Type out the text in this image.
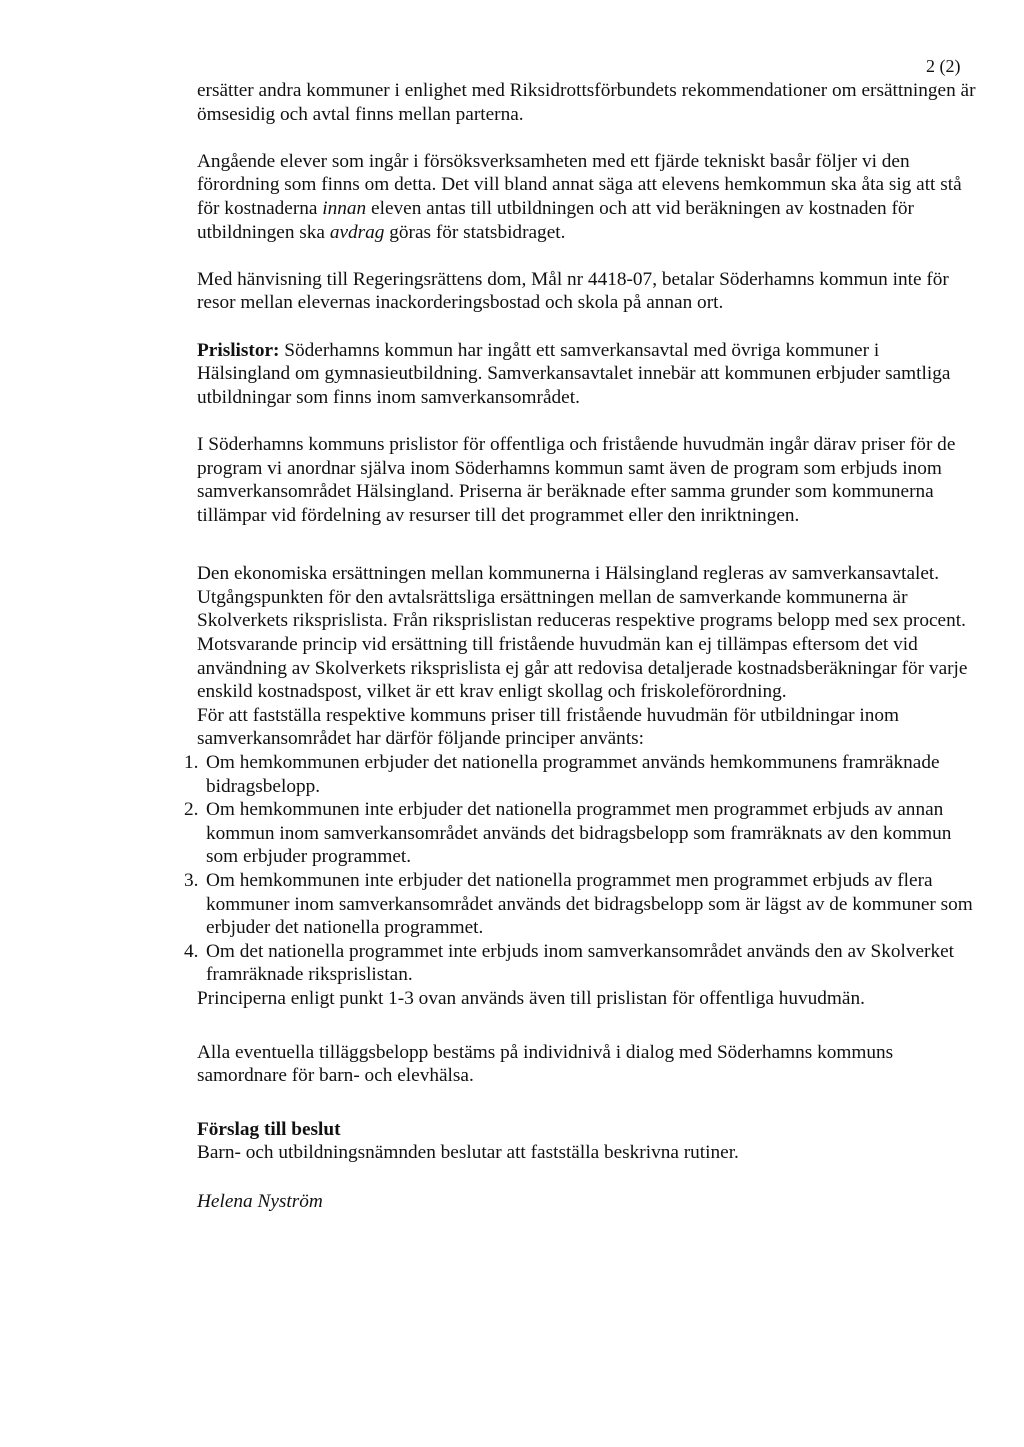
2 (2)

ersätter andra kommuner i enlighet med Riksidrottsförbundets rekommendationer om ersättningen är ömsesidig och avtal finns mellan parterna.

Angående elever som ingår i försöksverksamheten med ett fjärde tekniskt basår följer vi den förordning som finns om detta. Det vill bland annat säga att elevens hemkommun ska åta sig att stå för kostnaderna innan eleven antas till utbildningen och att vid beräkningen av kostnaden för utbildningen ska avdrag göras för statsbidraget.

Med hänvisning till Regeringsrättens dom, Mål nr 4418-07, betalar Söderhamns kommun inte för resor mellan elevernas inackorderingsbostad och skola på annan ort.

Prislistor: Söderhamns kommun har ingått ett samverkansavtal med övriga kommuner i Hälsingland om gymnasieutbildning. Samverkansavtalet innebär att kommunen erbjuder samtliga utbildningar som finns inom samverkansområdet.

I Söderhamns kommuns prislistor för offentliga och fristående huvudmän ingår därav priser för de program vi anordnar själva inom Söderhamns kommun samt även de program som erbjuds inom samverkansområdet Hälsingland. Priserna är beräknade efter samma grunder som kommunerna tillämpar vid fördelning av resurser till det programmet eller den inriktningen.

Den ekonomiska ersättningen mellan kommunerna i Hälsingland regleras av samverkansavtalet. Utgångspunkten för den avtalsrättsliga ersättningen mellan de samverkande kommunerna är Skolverkets riksprislista. Från riksprislistan reduceras respektive programs belopp med sex procent. Motsvarande princip vid ersättning till fristående huvudmän kan ej tillämpas eftersom det vid användning av Skolverkets riksprislista ej går att redovisa detaljerade kostnadsberäkningar för varje enskild kostnadspost, vilket är ett krav enligt skollag och friskoleförordning.

För att fastställa respektive kommuns priser till fristående huvudmän för utbildningar inom samverkansområdet har därför följande principer använts:

1. Om hemkommunen erbjuder det nationella programmet används hemkommunens framräknade bidragsbelopp.
2. Om hemkommunen inte erbjuder det nationella programmet men programmet erbjuds av annan kommun inom samverkansområdet används det bidragsbelopp som framräknats av den kommun som erbjuder programmet.
3. Om hemkommunen inte erbjuder det nationella programmet men programmet erbjuds av flera kommuner inom samverkansområdet används det bidragsbelopp som är lägst av de kommuner som erbjuder det nationella programmet.
4. Om det nationella programmet inte erbjuds inom samverkansområdet används den av Skolverket framräknade riksprislistan.

Principerna enligt punkt 1-3 ovan används även till prislistan för offentliga huvudmän.

Alla eventuella tilläggsbelopp bestäms på individnivå i dialog med Söderhamns kommuns samordnare för barn- och elevhälsa.

Förslag till beslut

Barn- och utbildningsnämnden beslutar att fastställa beskrivna rutiner.

Helena Nyström
